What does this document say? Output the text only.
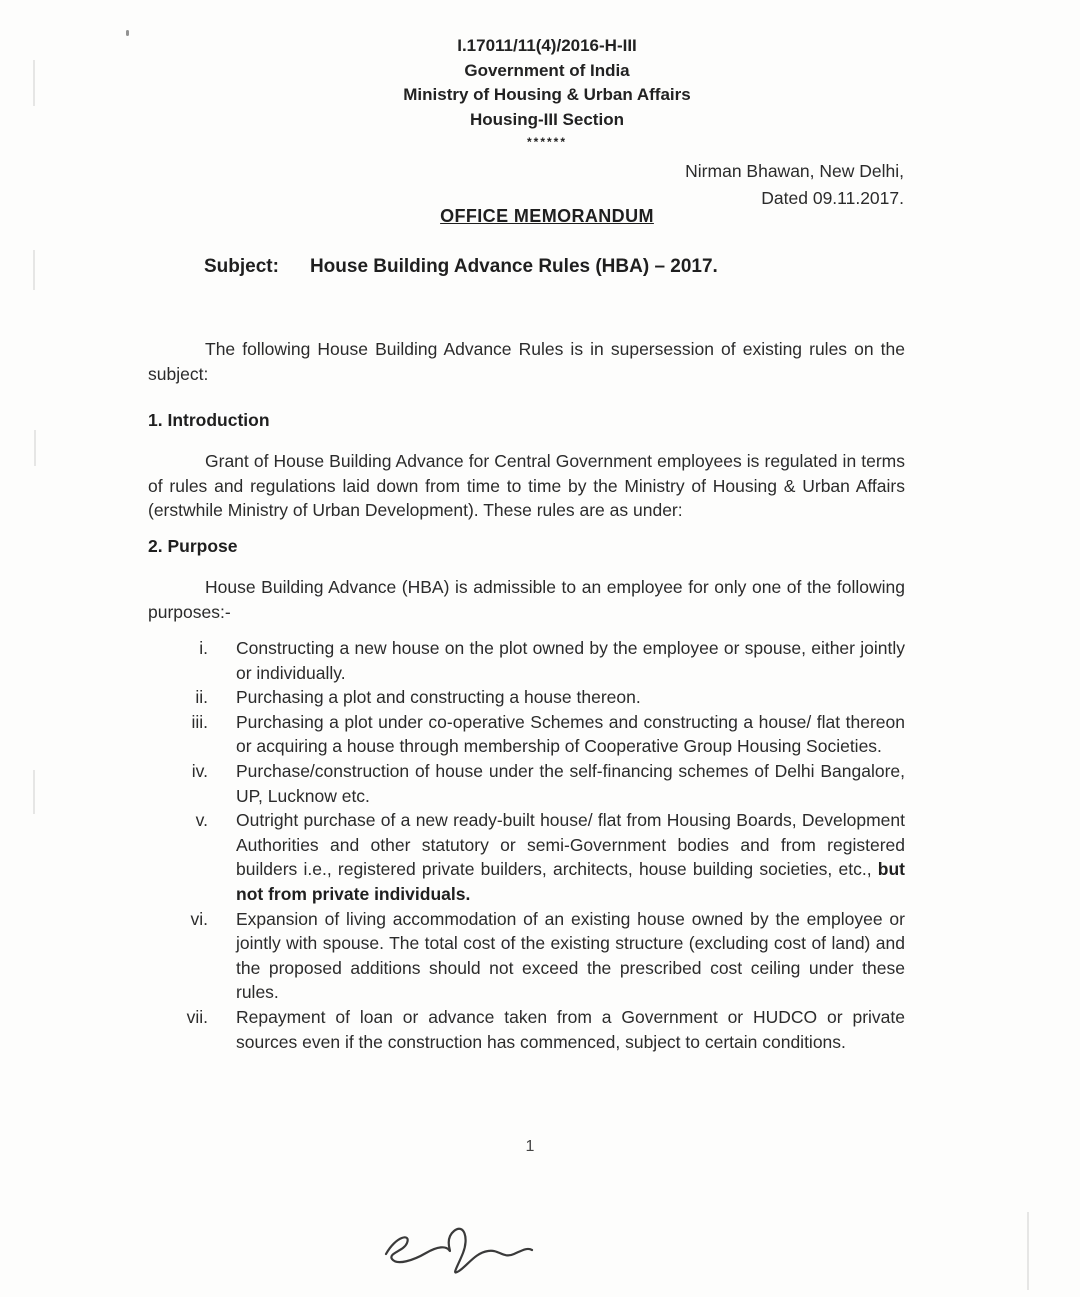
I.17011/11(4)/2016-H-III
Government of India
Ministry of Housing & Urban Affairs
Housing-III Section
******
Nirman Bhawan, New Delhi,
Dated 09.11.2017.
OFFICE MEMORANDUM
Subject: House Building Advance Rules (HBA) – 2017.
The following House Building Advance Rules is in supersession of existing rules on the subject:
1. Introduction
Grant of House Building Advance for Central Government employees is regulated in terms of rules and regulations laid down from time to time by the Ministry of Housing & Urban Affairs (erstwhile Ministry of Urban Development). These rules are as under:
2. Purpose
House Building Advance (HBA) is admissible to an employee for only one of the following purposes:-
i. Constructing a new house on the plot owned by the employee or spouse, either jointly or individually.
ii. Purchasing a plot and constructing a house thereon.
iii. Purchasing a plot under co-operative Schemes and constructing a house/ flat thereon or acquiring a house through membership of Cooperative Group Housing Societies.
iv. Purchase/construction of house under the self-financing schemes of Delhi Bangalore, UP, Lucknow etc.
v. Outright purchase of a new ready-built house/ flat from Housing Boards, Development Authorities and other statutory or semi-Government bodies and from registered builders i.e., registered private builders, architects, house building societies, etc., but not from private individuals.
vi. Expansion of living accommodation of an existing house owned by the employee or jointly with spouse. The total cost of the existing structure (excluding cost of land) and the proposed additions should not exceed the prescribed cost ceiling under these rules.
vii. Repayment of loan or advance taken from a Government or HUDCO or private sources even if the construction has commenced, subject to certain conditions.
1
